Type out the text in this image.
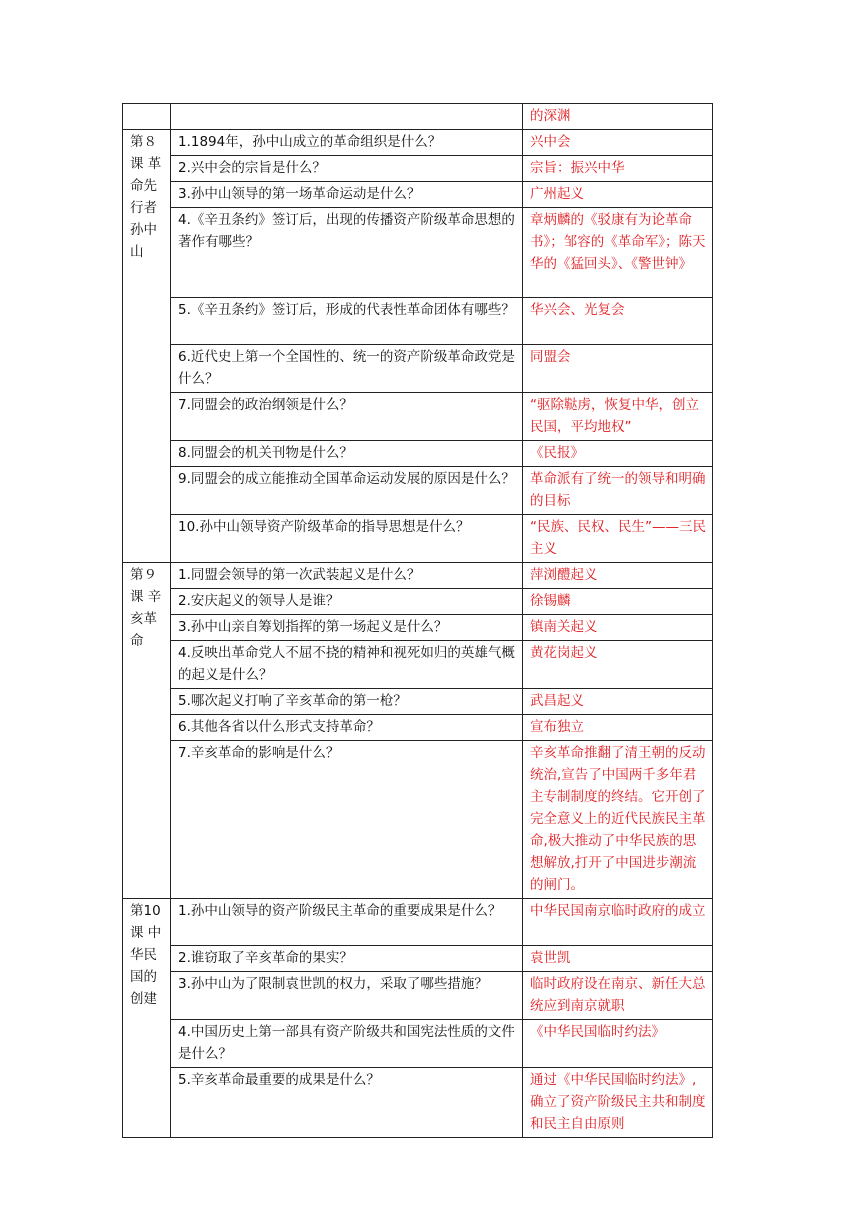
		的深渊
第８课 革命先行者孙中山	1.1894年，孙中山成立的革命组织是什么？	兴中会
	2.兴中会的宗旨是什么？	宗旨：振兴中华
	3.孙中山领导的第一场革命运动是什么？	广州起义
	4.《辛丑条约》签订后，出现的传播资产阶级革命思想的著作有哪些？	章炳麟的《驳康有为论革命书》；邹容的《革命军》；陈天华的《猛回头》、《警世钟》
	5.《辛丑条约》签订后，形成的代表性革命团体有哪些？	华兴会、光复会
	6.近代史上第一个全国性的、统一的资产阶级革命政党是什么？	同盟会
	7.同盟会的政治纲领是什么？	“驱除鞑虏，恢复中华，创立民国，平均地权”
	8.同盟会的机关刊物是什么？	《民报》
	9.同盟会的成立能推动全国革命运动发展的原因是什么？	革命派有了统一的领导和明确的目标
	10.孙中山领导资产阶级革命的指导思想是什么？	“民族、民权、民生”——三民主义
第９课 辛亥革命	1.同盟会领导的第一次武装起义是什么？	萍浏醴起义
	2.安庆起义的领导人是谁？	徐锡麟
	3.孙中山亲自筹划指挥的第一场起义是什么？	镇南关起义
	4.反映出革命党人不屈不挠的精神和视死如归的英雄气概的起义是什么？	黄花岗起义
	5.哪次起义打响了辛亥革命的第一枪？	武昌起义
	6.其他各省以什么形式支持革命？	宣布独立
	7.辛亥革命的影响是什么？	辛亥革命推翻了清王朝的反动统治,宣告了中国两千多年君主专制制度的终结。它开创了完全意义上的近代民族民主革命,极大推动了中华民族的思想解放,打开了中国进步潮流的闸门。
第10课 中华民国的创建	1.孙中山领导的资产阶级民主革命的重要成果是什么？	中华民国南京临时政府的成立
	2.谁窃取了辛亥革命的果实？	袁世凯
	3.孙中山为了限制袁世凯的权力，采取了哪些措施？	临时政府设在南京、新任大总统应到南京就职
	4.中国历史上第一部具有资产阶级共和国宪法性质的文件是什么？	《中华民国临时约法》
	5.辛亥革命最重要的成果是什么？	通过《中华民国临时约法》,确立了资产阶级民主共和制度和民主自由原则
